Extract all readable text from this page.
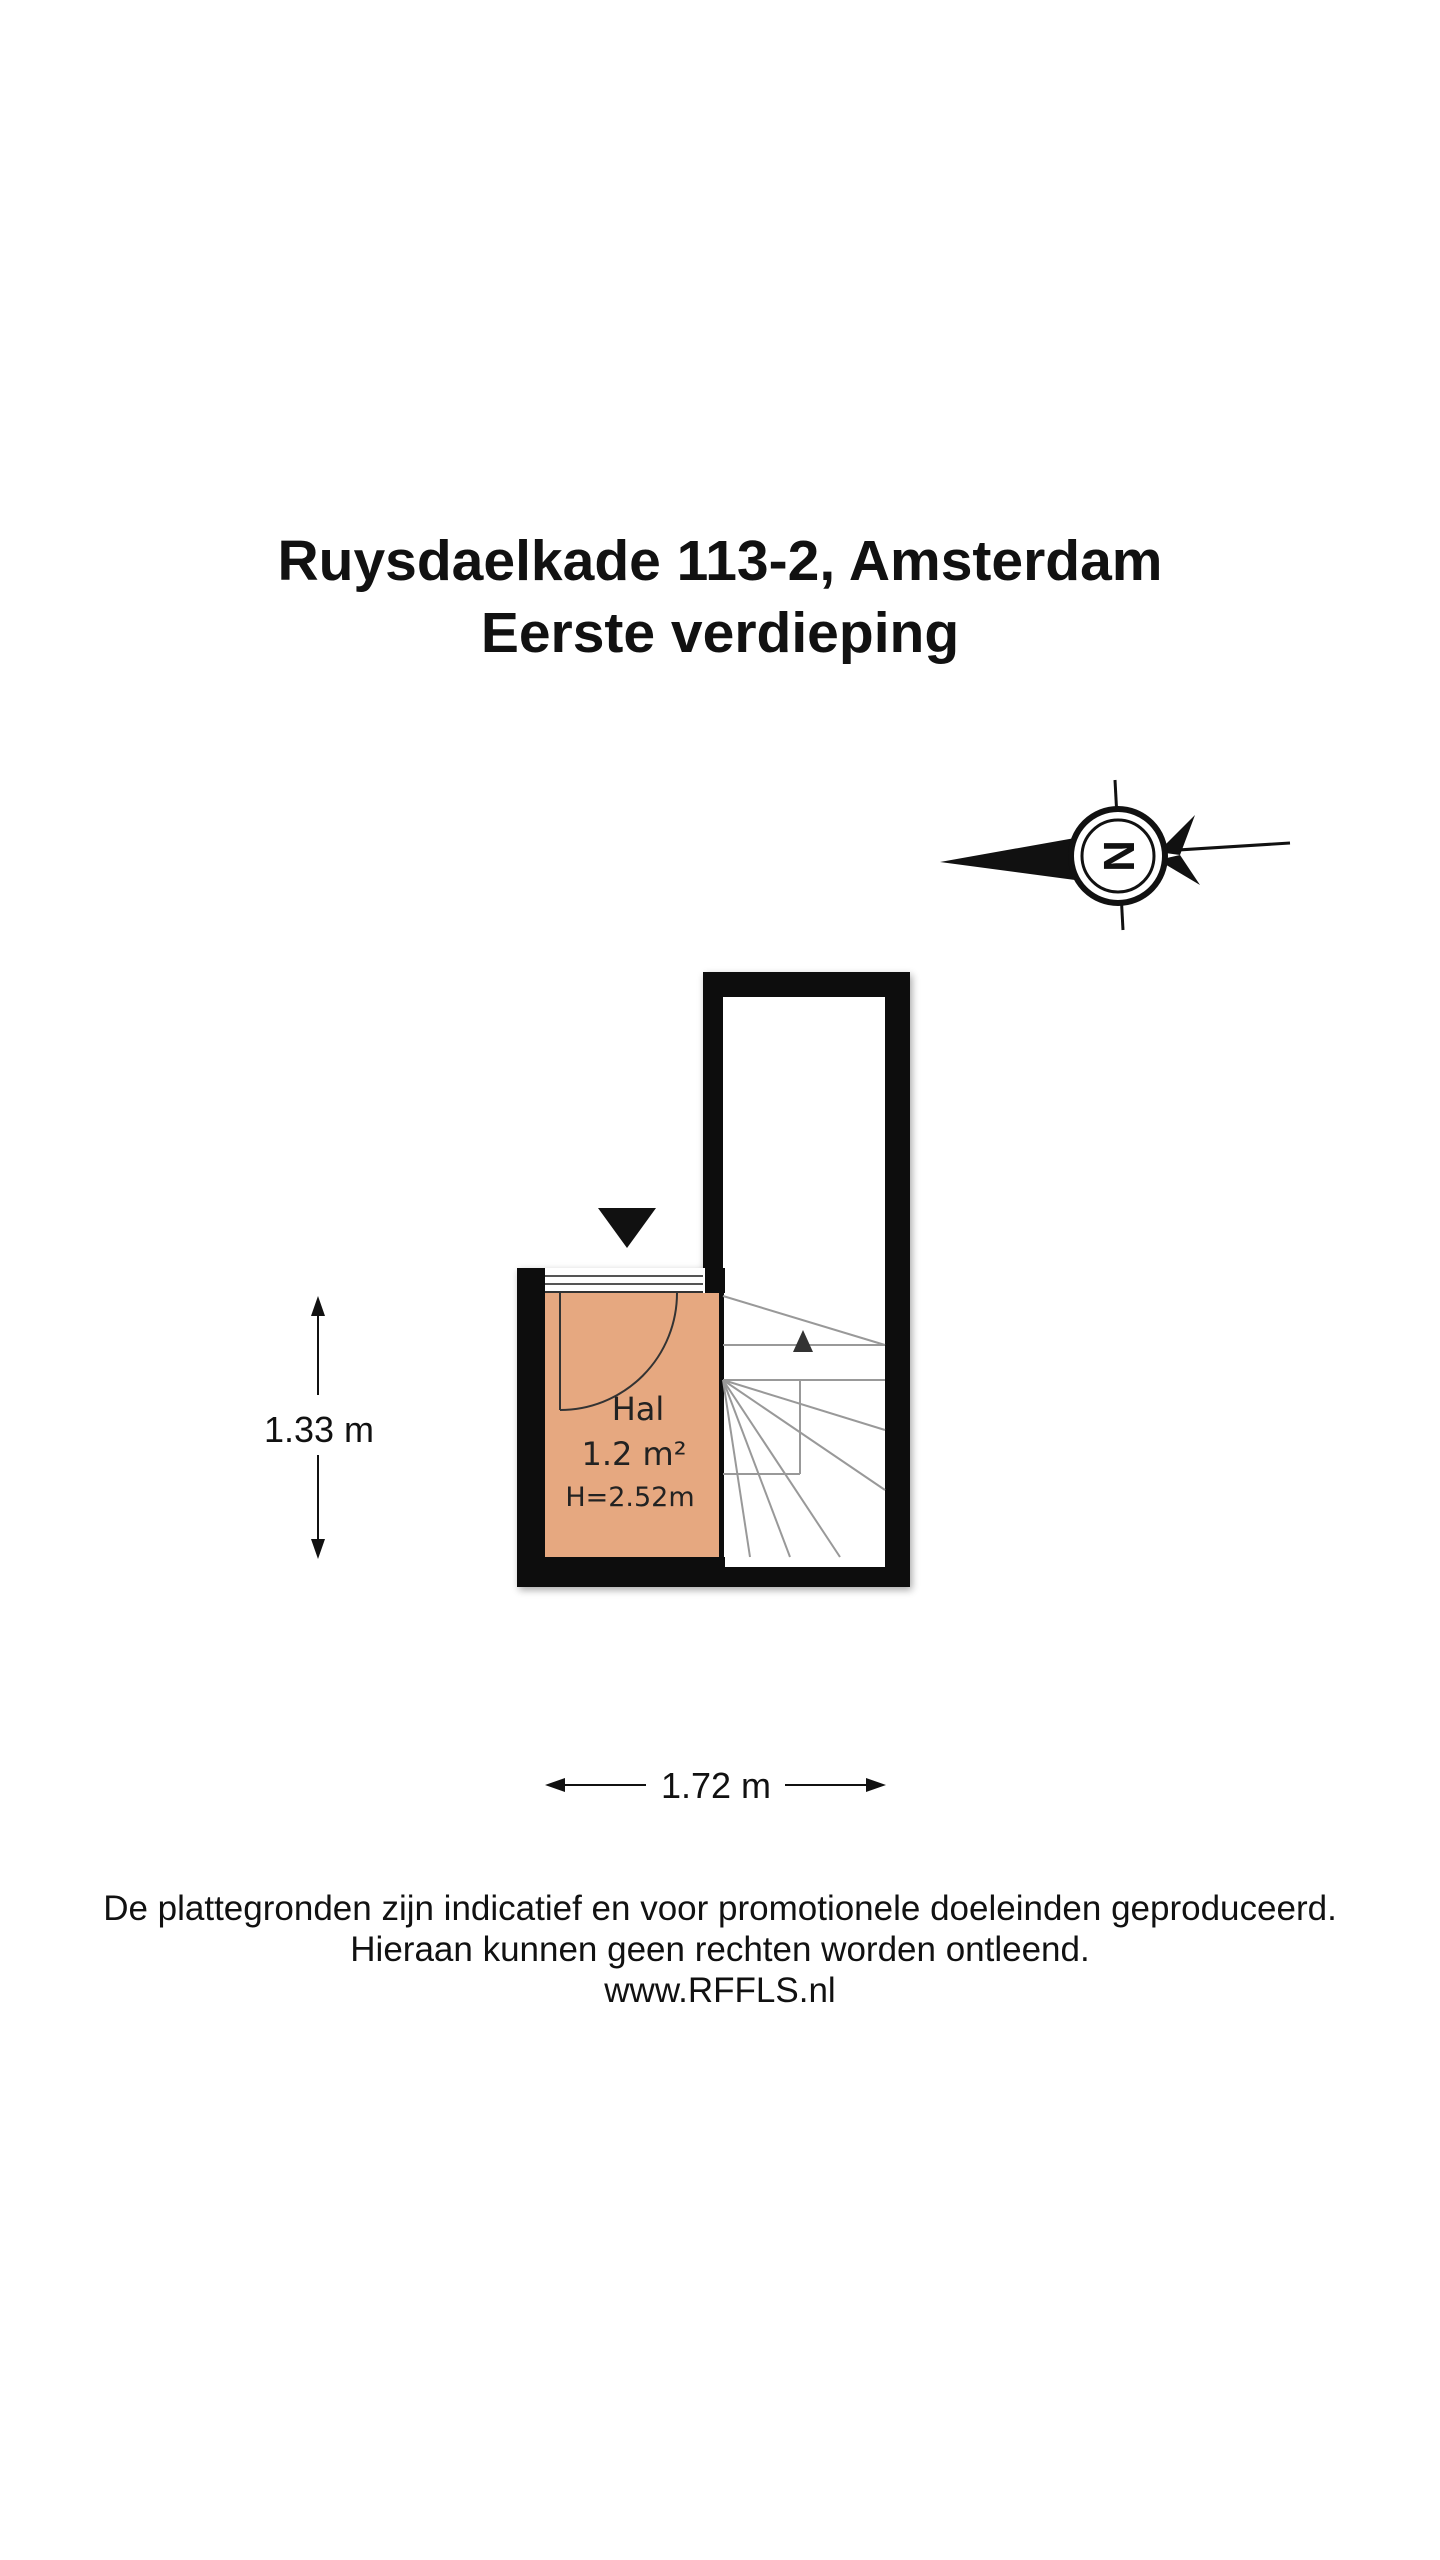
Ruysdaelkade 113-2, Amsterdam
Eerste verdieping
N
Hal
1.2 m²
H=2.52m
1.33 m
1.72 m
De plattegronden zijn indicatief en voor promotionele doeleinden geproduceerd.
Hieraan kunnen geen rechten worden ontleend.
www.RFFLS.nl
